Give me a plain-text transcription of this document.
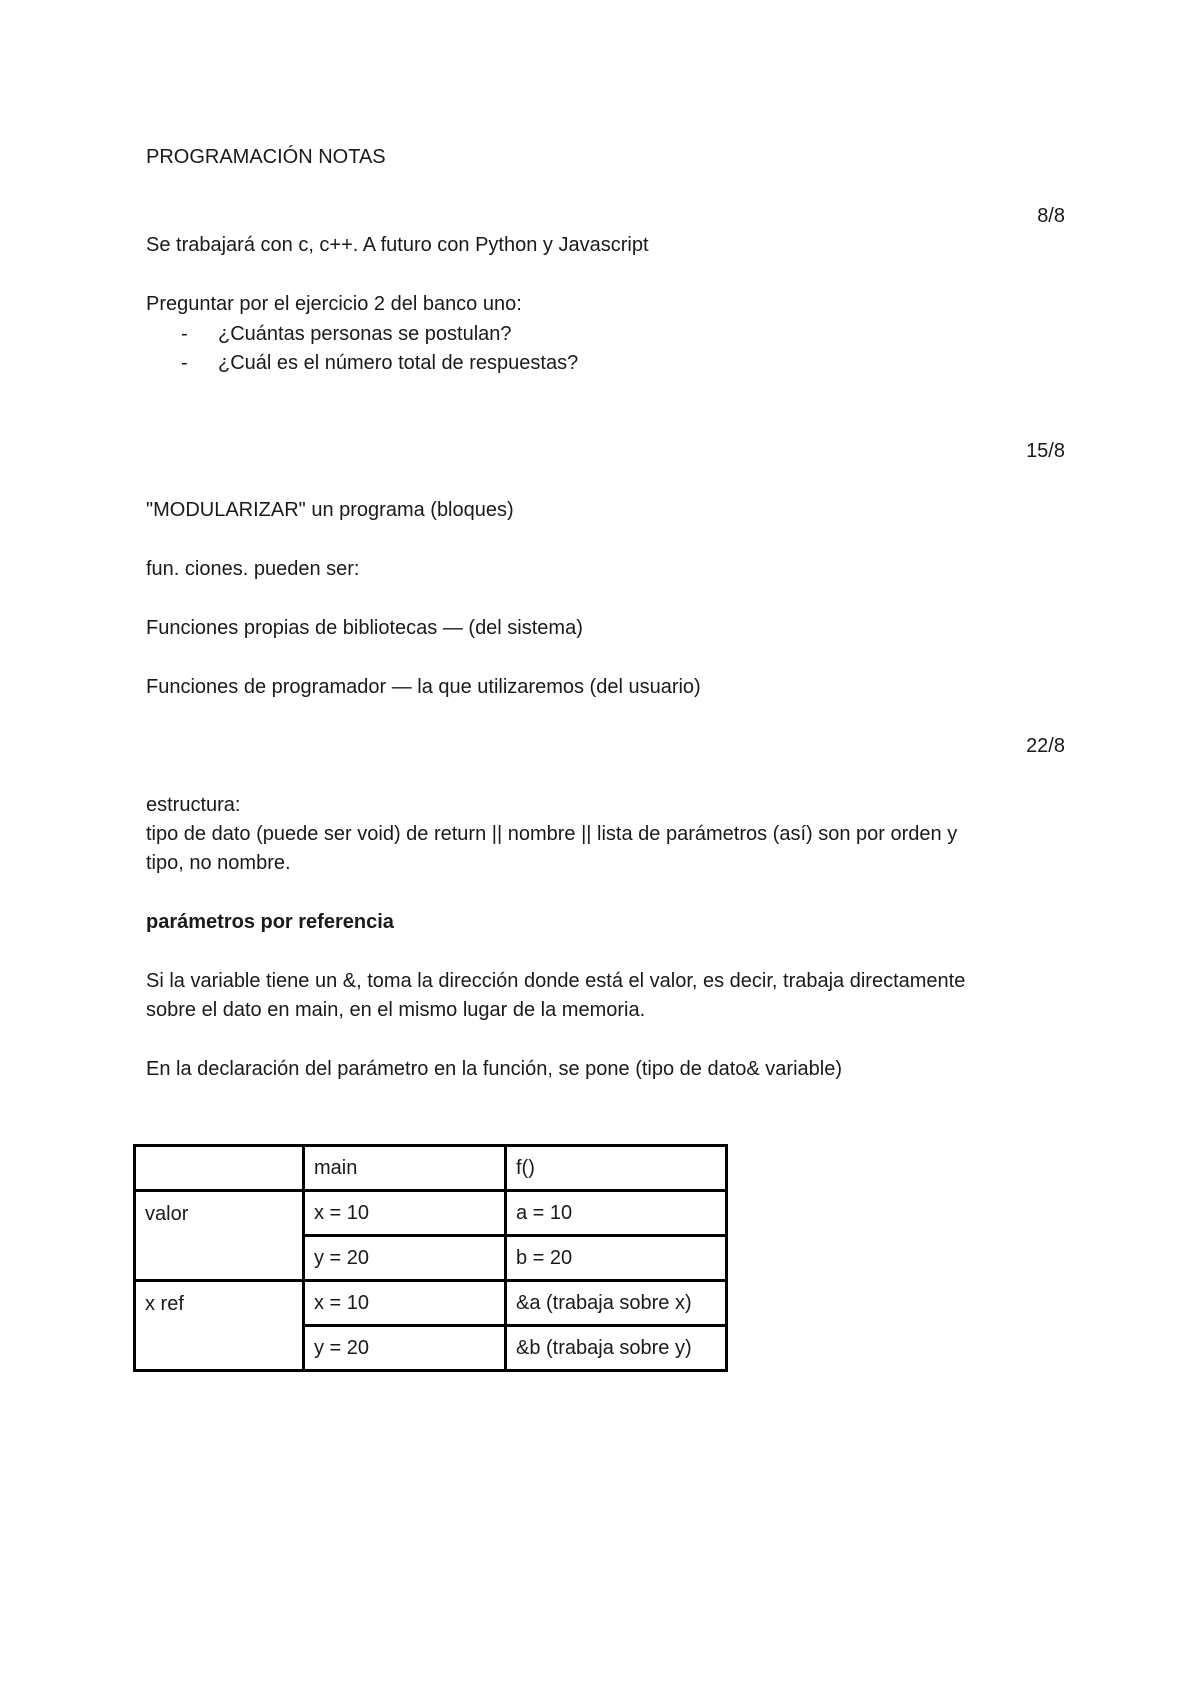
PROGRAMACIÓN NOTAS
8/8
Se trabajará con c, c++. A futuro con Python y Javascript
Preguntar por el ejercicio 2 del banco uno:
- ¿Cuántas personas se postulan?
- ¿Cuál es el número total de respuestas?
15/8
"MODULARIZAR" un programa (bloques)
fun. ciones. pueden ser:
Funciones propias de bibliotecas — (del sistema)
Funciones de programador — la que utilizaremos (del usuario)
22/8
estructura:
tipo de dato (puede ser void) de return || nombre || lista de parámetros (así) son por orden y
tipo, no nombre.
parámetros por referencia
Si la variable tiene un &, toma la dirección donde está el valor, es decir, trabaja directamente
sobre el dato en main, en el mismo lugar de la memoria.
En la declaración del parámetro en la función, se pone (tipo de dato& variable)
	main	f()
valor	x = 10	a = 10
	y = 20	b = 20
x ref	x = 10	&a (trabaja sobre x)
	y = 20	&b (trabaja sobre y)
